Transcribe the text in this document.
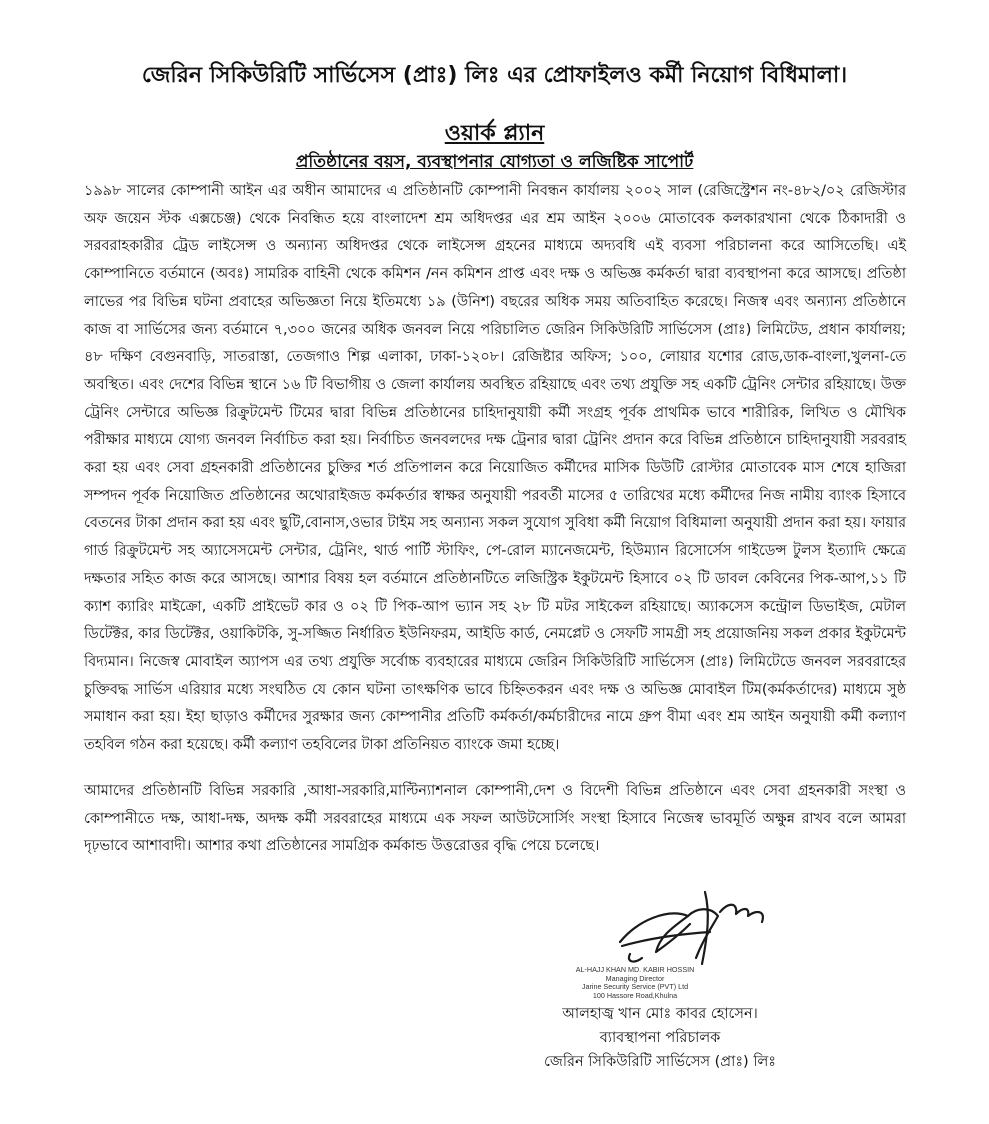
জেরিন সিকিউরিটি সার্ভিসেস (প্রাঃ) লিঃ এর প্রোফাইলও কর্মী নিয়োগ বিধিমালা।
ওয়ার্ক প্ল্যান
প্রতিষ্ঠানের বয়স, ব্যবস্থাপনার যোগ্যতা ও লজিষ্টিক সাপোর্ট

১৯৯৮ সালের কোম্পানী আইন এর অধীন আমাদের এ প্রতিষ্ঠানটি কোম্পানী নিবন্ধন কার্যালয় ২০০২ সাল (রেজিস্ট্রেশন নং-৪৮২/০২ রেজিস্টার অফ জয়েন স্টক এক্সচেঞ্জ) থেকে নিবন্ধিত হয়ে বাংলাদেশ শ্রম অধিদপ্তর এর শ্রম আইন ২০০৬ মোতাবেক কলকারখানা থেকে ঠিকাদারী ও সরবরাহকারীর ট্রেড লাইসেন্স ও অন্যান্য অধিদপ্তর থেকে লাইসেন্স গ্রহনের মাধ্যমে অদ্যবধি এই ব্যবসা পরিচালনা করে আসিতেছি। এই কোম্পানিতে বর্তমানে (অবঃ) সামরিক বাহিনী থেকে কমিশন /নন কমিশন প্রাপ্ত এবং দক্ষ ও অভিজ্ঞ কর্মকর্তা দ্বারা ব্যবস্থাপনা করে আসছে। প্রতিষ্ঠা লাভের পর বিভিন্ন ঘটনা প্রবাহের অভিজ্ঞতা নিয়ে ইতিমধ্যে ১৯ (উনিশ) বছরের অধিক সময় অতিবাহিত করেছে। নিজস্ব এবং অন্যান্য প্রতিষ্ঠানে কাজ বা সার্ভিসের জন্য বর্তমানে ৭,৩০০ জনের অধিক জনবল নিয়ে পরিচালিত জেরিন সিকিউরিটি সার্ভিসেস (প্রাঃ) লিমিটেড, প্রধান কার্যালয়; ৪৮ দক্ষিণ বেগুনবাড়ি, সাতরাস্তা, তেজগাও শিল্প এলাকা, ঢাকা-১২০৮। রেজিষ্টার অফিস; ১০০, লোয়ার যশোর রোড,ডাক-বাংলা,খুলনা-তে অবস্থিত। এবং দেশের বিভিন্ন স্থানে ১৬ টি বিভাগীয় ও জেলা কার্যালয় অবস্থিত রহিয়াছে এবং তথ্য প্রযুক্তি সহ একটি ট্রেনিং সেন্টার রহিয়াছে। উক্ত ট্রেনিং সেন্টারে অভিজ্ঞ রিক্রুটমেন্ট টিমের দ্বারা বিভিন্ন প্রতিষ্ঠানের চাহিদানুযায়ী কর্মী সংগ্রহ পূর্বক প্রাথমিক ভাবে শারীরিক, লিখিত ও মৌখিক পরীক্ষার মাধ্যমে যোগ্য জনবল নির্বাচিত করা হয়। নির্বাচিত জনবলদের দক্ষ ট্রেনার দ্বারা ট্রেনিং প্রদান করে বিভিন্ন প্রতিষ্ঠানে চাহিদানুযায়ী সরবরাহ করা হয় এবং সেবা গ্রহনকারী প্রতিষ্ঠানের চুক্তির শর্ত প্রতিপালন করে নিয়োজিত কর্মীদের মাসিক ডিউটি রোস্টার মোতাবেক মাস শেষে হাজিরা সম্পদন পূর্বক নিয়োজিত প্রতিষ্ঠানের অথোরাইজড কর্মকর্তার স্বাক্ষর অনুযায়ী পরবর্তী মাসের ৫ তারিখের মধ্যে কর্মীদের নিজ নামীয় ব্যাংক হিসাবে বেতনের টাকা প্রদান করা হয় এবং ছুটি,বোনাস,ওভার টাইম সহ অন্যান্য সকল সুযোগ সুবিধা কর্মী নিয়োগ বিধিমালা অনুযায়ী প্রদান করা হয়। ফায়ার গার্ড রিক্রুটমেন্ট সহ অ্যাসেসমেন্ট সেন্টার, ট্রেনিং, থার্ড পার্টি স্টাফিং, পে-রোল ম্যানেজমেন্ট, হিউম্যান রিসোর্সেস গাইডেন্স টুলস ইত্যাদি ক্ষেত্রে দক্ষতার সহিত কাজ করে আসছে। আশার বিষয় হল বর্তমানে প্রতিষ্ঠানটিতে লজিস্ট্রিক ইকুটমেন্ট হিসাবে ০২ টি ডাবল কেবিনের পিক-আপ,১১ টি ক্যাশ ক্যারিং মাইক্রো, একটি প্রাইভেট কার ও ০২ টি পিক-আপ ভ্যান সহ ২৮ টি মটর সাইকেল রহিয়াছে। অ্যাকসেস কন্ট্রোল ডিভাইজ, মেটাল ডিটেক্টর, কার ডিটেক্টর, ওয়াকিটকি, সু-সজ্জিত নির্ধারিত ইউনিফরম, আইডি কার্ড, নেমপ্লেট ও সেফটি সামগ্রী সহ প্রয়োজনিয় সকল প্রকার ইকুটমেন্ট বিদ্যমান। নিজেস্ব মোবাইল অ্যাপস এর তথ্য প্রযুক্তি সর্বোচ্চ ব্যবহারের মাধ্যমে জেরিন সিকিউরিটি সার্ভিসেস (প্রাঃ) লিমিটেডে জনবল সরবরাহের চুক্তিবদ্ধ সার্ভিস এরিয়ার মধ্যে সংঘঠিত যে কোন ঘটনা তাৎক্ষণিক ভাবে চিহ্নিতকরন এবং দক্ষ ও অভিজ্ঞ মোবাইল টিম(কর্মকর্তাদের) মাধ্যমে সুষ্ঠ সমাধান করা হয়। ইহা ছাড়াও কর্মীদের সুরক্ষার জন্য কোম্পানীর প্রতিটি কর্মকর্তা/কর্মচারীদের নামে গ্রুপ বীমা এবং শ্রম আইন অনুযায়ী কর্মী কল্যাণ তহবিল গঠন করা হয়েছে। কর্মী কল্যাণ তহবিলের টাকা প্রতিনিয়ত ব্যাংকে জমা হচ্ছে।

আমাদের প্রতিষ্ঠানটি বিভিন্ন সরকারি ,আধা-সরকারি,মাল্টিন্যাশনাল কোম্পানী,দেশ ও বিদেশী বিভিন্ন প্রতিষ্ঠানে এবং সেবা গ্রহনকারী সংস্থা ও কোম্পানীতে দক্ষ, আধা-দক্ষ, অদক্ষ কর্মী সরবরাহের মাধ্যমে এক সফল আউটসোর্সিং সংস্থা হিসাবে নিজেস্ব ভাবমূর্তি অক্ষুন্ন রাখব বলে আমরা দৃঢ়ভাবে আশাবাদী। আশার কথা প্রতিষ্ঠানের সামগ্রিক কর্মকান্ড উত্তরোত্তর বৃদ্ধি পেয়ে চলেছে।

AL-HAJJ KHAN MD. KABIR HOSSIN
Managing Director
Jarine Security Service (PVT) Ltd
100 Hassore Road,Khulna
আলহাজ্ব খান মোঃ কাবর হোসেন।
ব্যাবস্থাপনা পরিচালক
জেরিন সিকিউরিটি সার্ভিসেস (প্রাঃ) লিঃ
